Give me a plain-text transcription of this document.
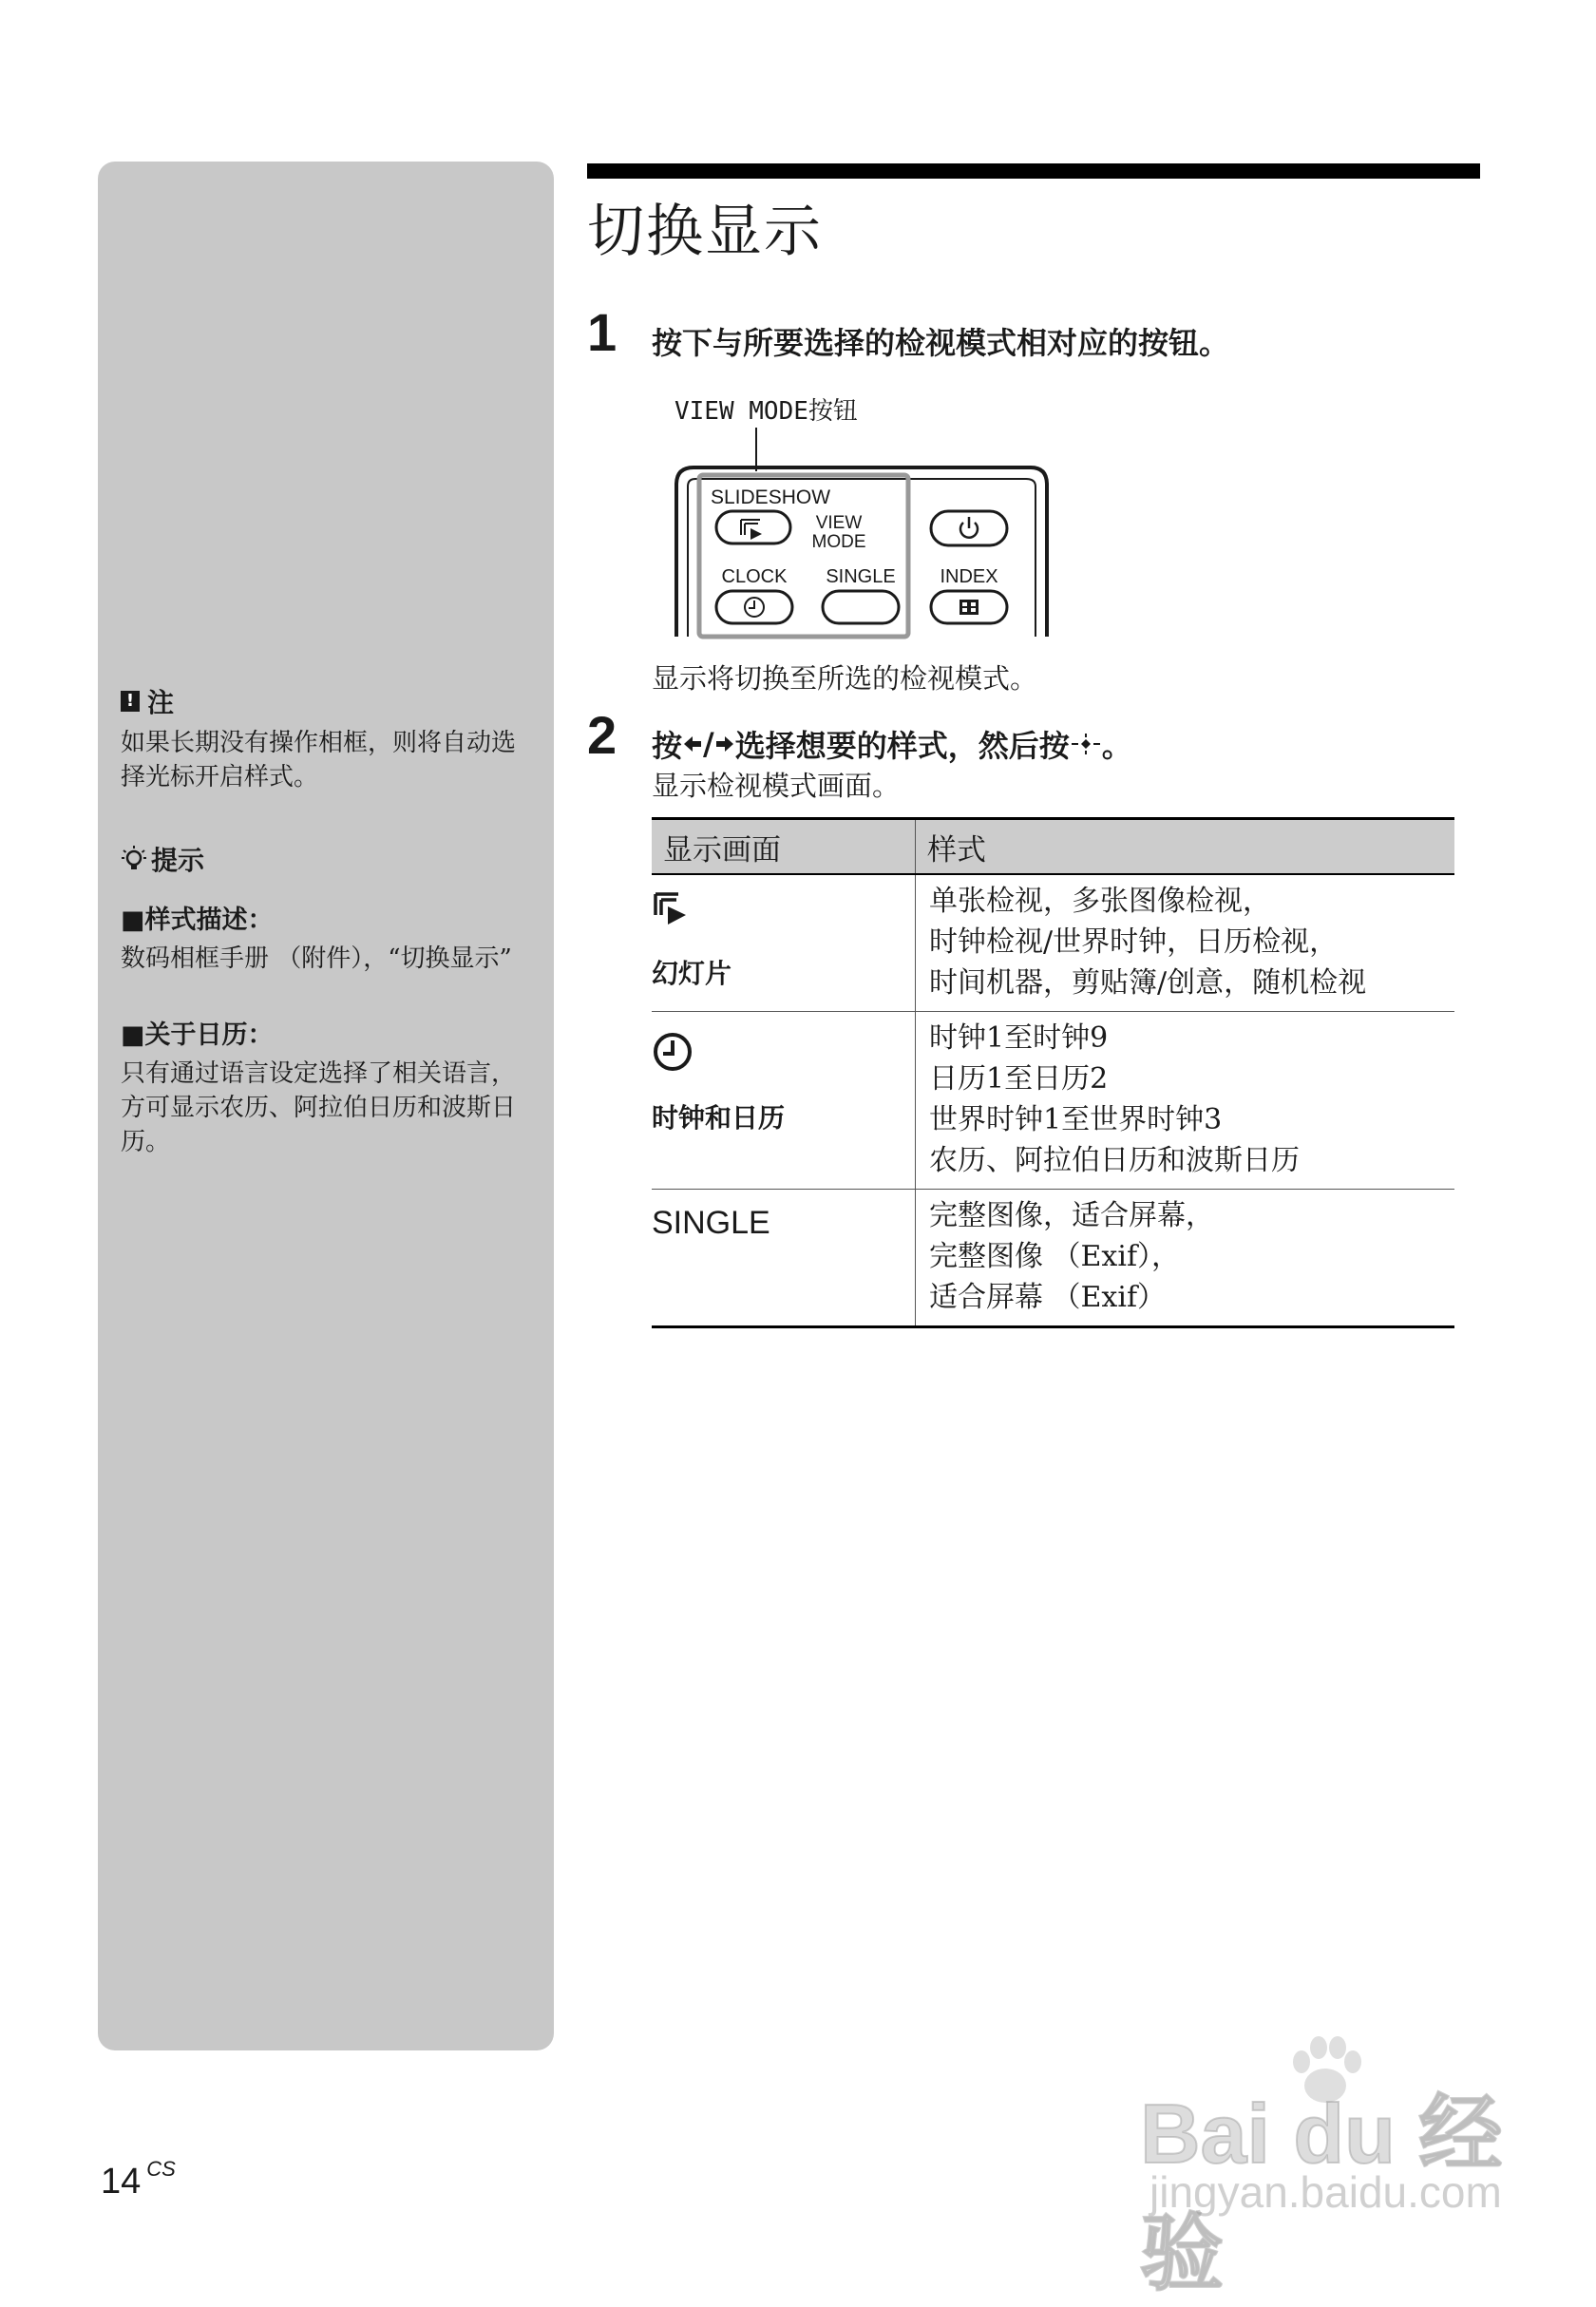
! 注
如果长期没有操作相框，则将自动选择光标开启样式。
提示
■样式描述：
数码相框手册 （附件），“切换显示”
■关于日历：
只有通过语言设定选择了相关语言，方可显示农历、阿拉伯日历和波斯日历。
切换显示
1 按下与所要选择的检视模式相对应的按钮。
VIEW MODE按钮
SLIDESHOW
VIEW
MODE
CLOCK SINGLE INDEX
显示将切换至所选的检视模式。
2 按 / 选择想要的样式，然后按 。
显示检视模式画面。
显示画面	样式

幻灯片	单张检视，多张图像检视，
时钟检视/世界时钟，日历检视，
时间机器，剪贴簿/创意，随机检视

时钟和日历	时钟1至时钟9
日历1至日历2
世界时钟1至世界时钟3
农历、阿拉伯日历和波斯日历

SINGLE	完整图像，适合屏幕，
完整图像 （Exif），
适合屏幕 （Exif）
14 $^{CS}$	Bai du 经验
jingyan.baidu.com
